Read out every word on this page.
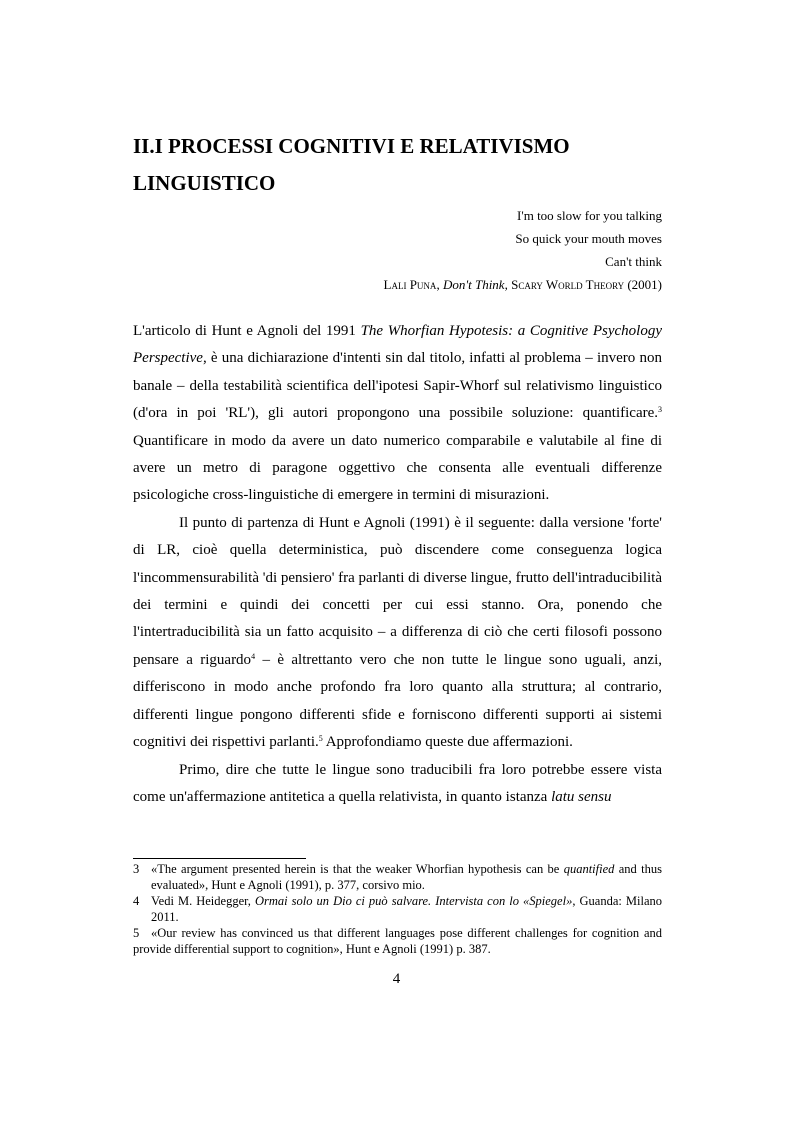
II.I PROCESSI COGNITIVI E RELATIVISMO
LINGUISTICO
I'm too slow for you talking
So quick your mouth moves
Can't think
Lali Puna, Don't Think, Scary World Theory (2001)

L'articolo di Hunt e Agnoli del 1991 The Whorfian Hypotesis: a Cognitive Psychology Perspective, è una dichiarazione d'intenti sin dal titolo, infatti al problema – invero non banale – della testabilità scientifica dell'ipotesi Sapir-Whorf sul relativismo linguistico (d'ora in poi 'RL'), gli autori propongono una possibile soluzione: quantificare.$^3$ Quantificare in modo da avere un dato numerico comparabile e valutabile al fine di avere un metro di paragone oggettivo che consenta alle eventuali differenze psicologiche cross-linguistiche di emergere in termini di misurazioni.

Il punto di partenza di Hunt e Agnoli (1991) è il seguente: dalla versione 'forte' di LR, cioè quella deterministica, può discendere come conseguenza logica l'incommensurabilità 'di pensiero' fra parlanti di diverse lingue, frutto dell'intraducibilità dei termini e quindi dei concetti per cui essi stanno. Ora, ponendo che l'intertraducibilità sia un fatto acquisito – a differenza di ciò che certi filosofi possono pensare a riguardo$^4$ – è altrettanto vero che non tutte le lingue sono uguali, anzi, differiscono in modo anche profondo fra loro quanto alla struttura; al contrario, differenti lingue pongono differenti sfide e forniscono differenti supporti ai sistemi cognitivi dei rispettivi parlanti.$^5$ Approfondiamo queste due affermazioni.

Primo, dire che tutte le lingue sono traducibili fra loro potrebbe essere vista come un'affermazione antitetica a quella relativista, in quanto istanza latu sensu

3 «The argument presented herein is that the weaker Whorfian hypothesis can be quantified and thus evaluated», Hunt e Agnoli (1991), p. 377, corsivo mio.

4 Vedi M. Heidegger, Ormai solo un Dio ci può salvare. Intervista con lo «Spiegel», Guanda: Milano 2011.

5 «Our review has convinced us that different languages pose different challenges for cognition and provide differential support to cognition», Hunt e Agnoli (1991) p. 387.

4
